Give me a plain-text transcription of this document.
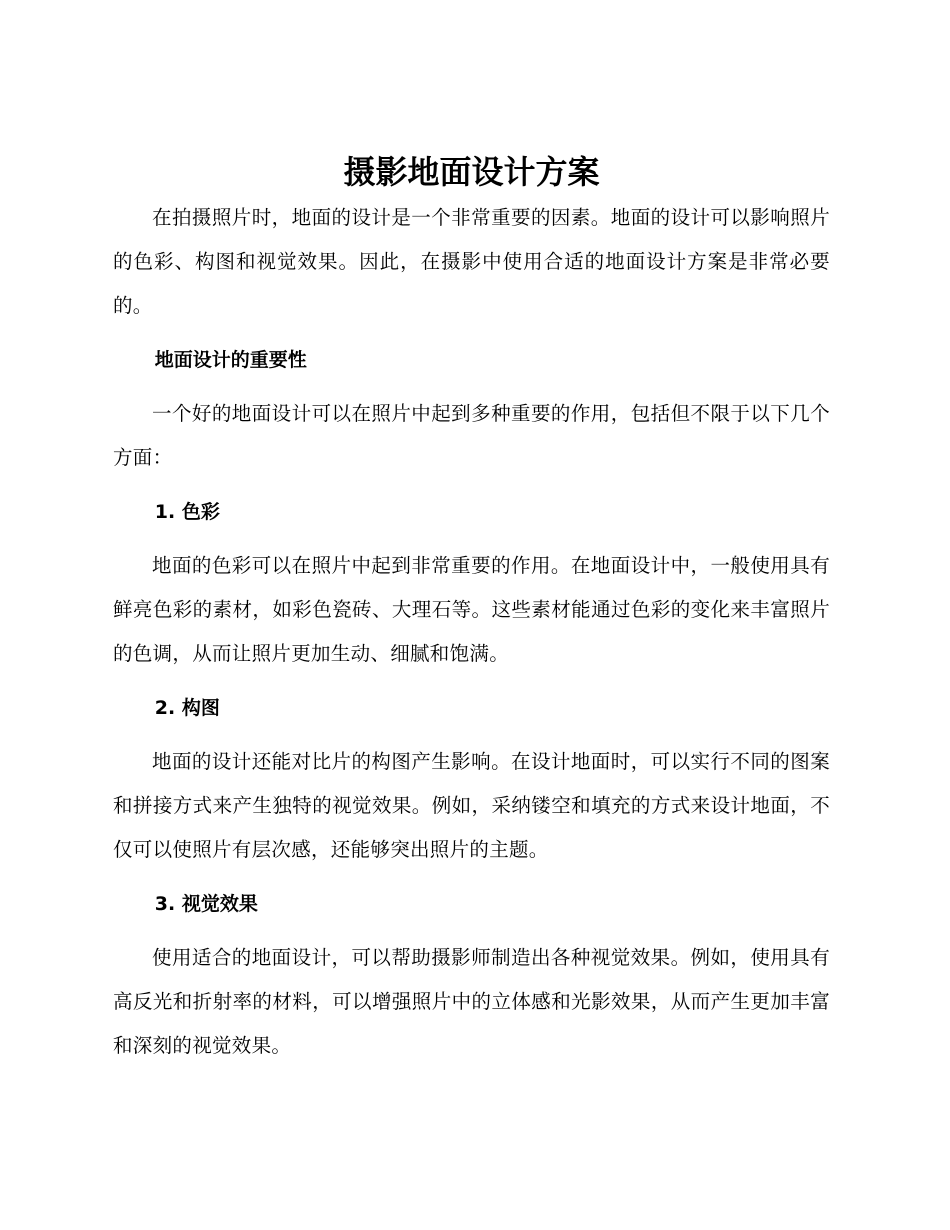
摄影地面设计方案

在拍摄照片时，地面的设计是一个非常重要的因素。地面的设计可以影响照片的色彩、构图和视觉效果。因此，在摄影中使用合适的地面设计方案是非常必要的。

地面设计的重要性

一个好的地面设计可以在照片中起到多种重要的作用，包括但不限于以下几个方面：

1. 色彩

地面的色彩可以在照片中起到非常重要的作用。在地面设计中，一般使用具有鲜亮色彩的素材，如彩色瓷砖、大理石等。这些素材能通过色彩的变化来丰富照片的色调，从而让照片更加生动、细腻和饱满。

2. 构图

地面的设计还能对比片的构图产生影响。在设计地面时，可以实行不同的图案和拼接方式来产生独特的视觉效果。例如，采纳镂空和填充的方式来设计地面，不仅可以使照片有层次感，还能够突出照片的主题。

3. 视觉效果

使用适合的地面设计，可以帮助摄影师制造出各种视觉效果。例如，使用具有高反光和折射率的材料，可以增强照片中的立体感和光影效果，从而产生更加丰富和深刻的视觉效果。
